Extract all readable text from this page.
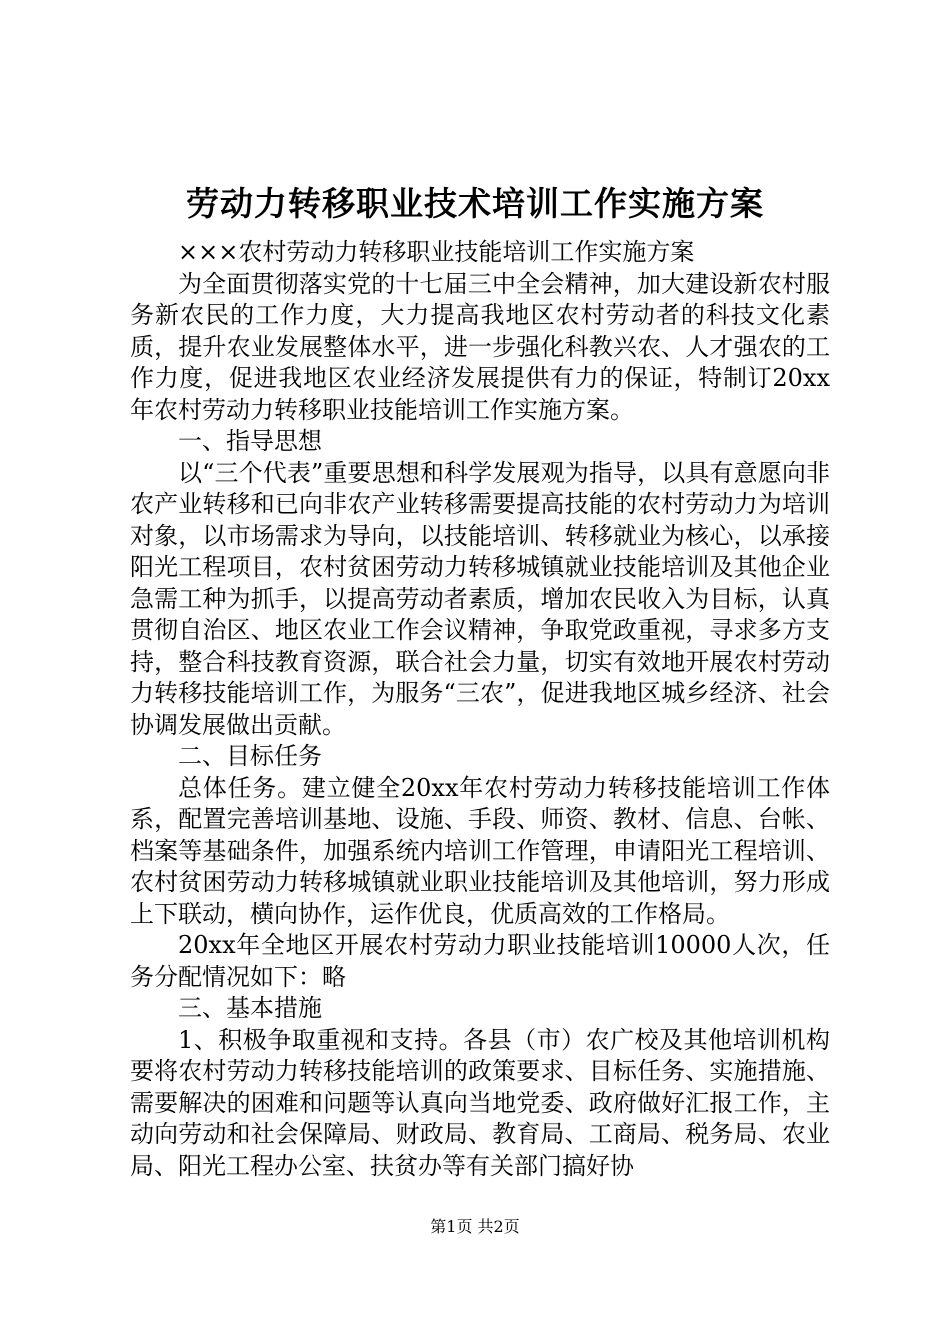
劳动力转移职业技术培训工作实施方案

×××农村劳动力转移职业技能培训工作实施方案

为全面贯彻落实党的十七届三中全会精神，加大建设新农村服务新农民的工作力度，大力提高我地区农村劳动者的科技文化素质，提升农业发展整体水平，进一步强化科教兴农、人才强农的工作力度，促进我地区农业经济发展提供有力的保证，特制订20xx年农村劳动力转移职业技能培训工作实施方案。

一、指导思想

以“三个代表”重要思想和科学发展观为指导，以具有意愿向非农产业转移和已向非农产业转移需要提高技能的农村劳动力为培训对象，以市场需求为导向，以技能培训、转移就业为核心，以承接阳光工程项目，农村贫困劳动力转移城镇就业技能培训及其他企业急需工种为抓手，以提高劳动者素质，增加农民收入为目标，认真贯彻自治区、地区农业工作会议精神，争取党政重视，寻求多方支持，整合科技教育资源，联合社会力量，切实有效地开展农村劳动力转移技能培训工作，为服务“三农”，促进我地区城乡经济、社会协调发展做出贡献。

二、目标任务

总体任务。建立健全20xx年农村劳动力转移技能培训工作体系，配置完善培训基地、设施、手段、师资、教材、信息、台帐、档案等基础条件，加强系统内培训工作管理，申请阳光工程培训、农村贫困劳动力转移城镇就业职业技能培训及其他培训，努力形成上下联动，横向协作，运作优良，优质高效的工作格局。

20xx年全地区开展农村劳动力职业技能培训10000人次，任务分配情况如下：略

三、基本措施

1、积极争取重视和支持。各县（市）农广校及其他培训机构要将农村劳动力转移技能培训的政策要求、目标任务、实施措施、需要解决的困难和问题等认真向当地党委、政府做好汇报工作，主动向劳动和社会保障局、财政局、教育局、工商局、税务局、农业局、阳光工程办公室、扶贫办等有关部门搞好协

第1页 共2页
